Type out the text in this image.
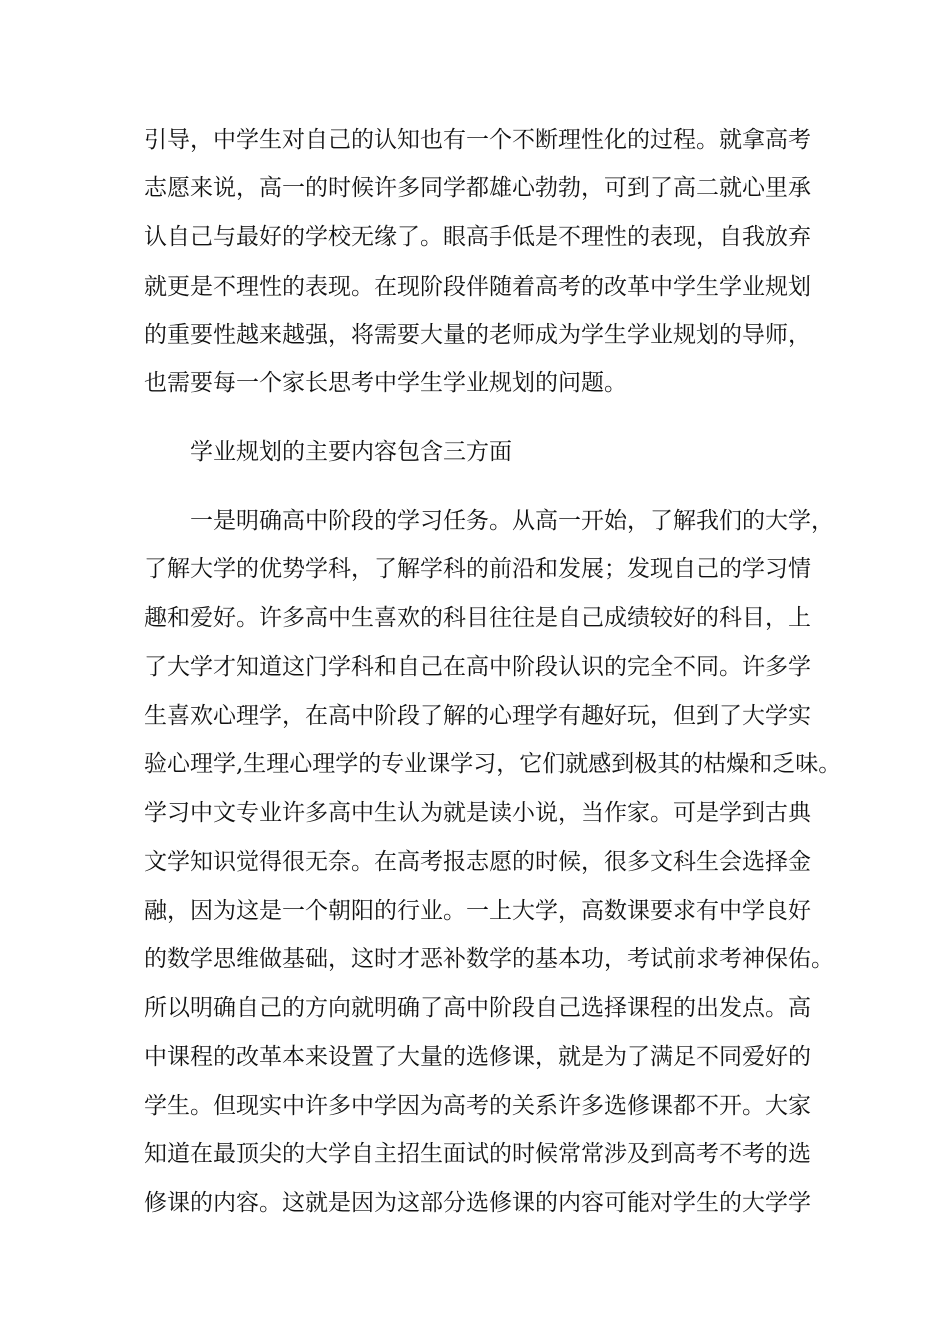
引导，中学生对自己的认知也有一个不断理性化的过程。就拿高考

志愿来说，高一的时候许多同学都雄心勃勃，可到了高二就心里承

认自己与最好的学校无缘了。眼高手低是不理性的表现，自我放弃

就更是不理性的表现。在现阶段伴随着高考的改革中学生学业规划

的重要性越来越强，将需要大量的老师成为学生学业规划的导师，

也需要每一个家长思考中学生学业规划的问题。

学业规划的主要内容包含三方面

一是明确高中阶段的学习任务。从高一开始，了解我们的大学，

了解大学的优势学科，了解学科的前沿和发展；发现自己的学习情

趣和爱好。许多高中生喜欢的科目往往是自己成绩较好的科目，上

了大学才知道这门学科和自己在高中阶段认识的完全不同。许多学

生喜欢心理学，在高中阶段了解的心理学有趣好玩，但到了大学实

验心理学,生理心理学的专业课学习，它们就感到极其的枯燥和乏味。

学习中文专业许多高中生认为就是读小说，当作家。可是学到古典

文学知识觉得很无奈。在高考报志愿的时候，很多文科生会选择金

融，因为这是一个朝阳的行业。一上大学，高数课要求有中学良好

的数学思维做基础，这时才恶补数学的基本功，考试前求考神保佑。

所以明确自己的方向就明确了高中阶段自己选择课程的出发点。高

中课程的改革本来设置了大量的选修课，就是为了满足不同爱好的

学生。但现实中许多中学因为高考的关系许多选修课都不开。大家

知道在最顶尖的大学自主招生面试的时候常常涉及到高考不考的选

修课的内容。这就是因为这部分选修课的内容可能对学生的大学学
